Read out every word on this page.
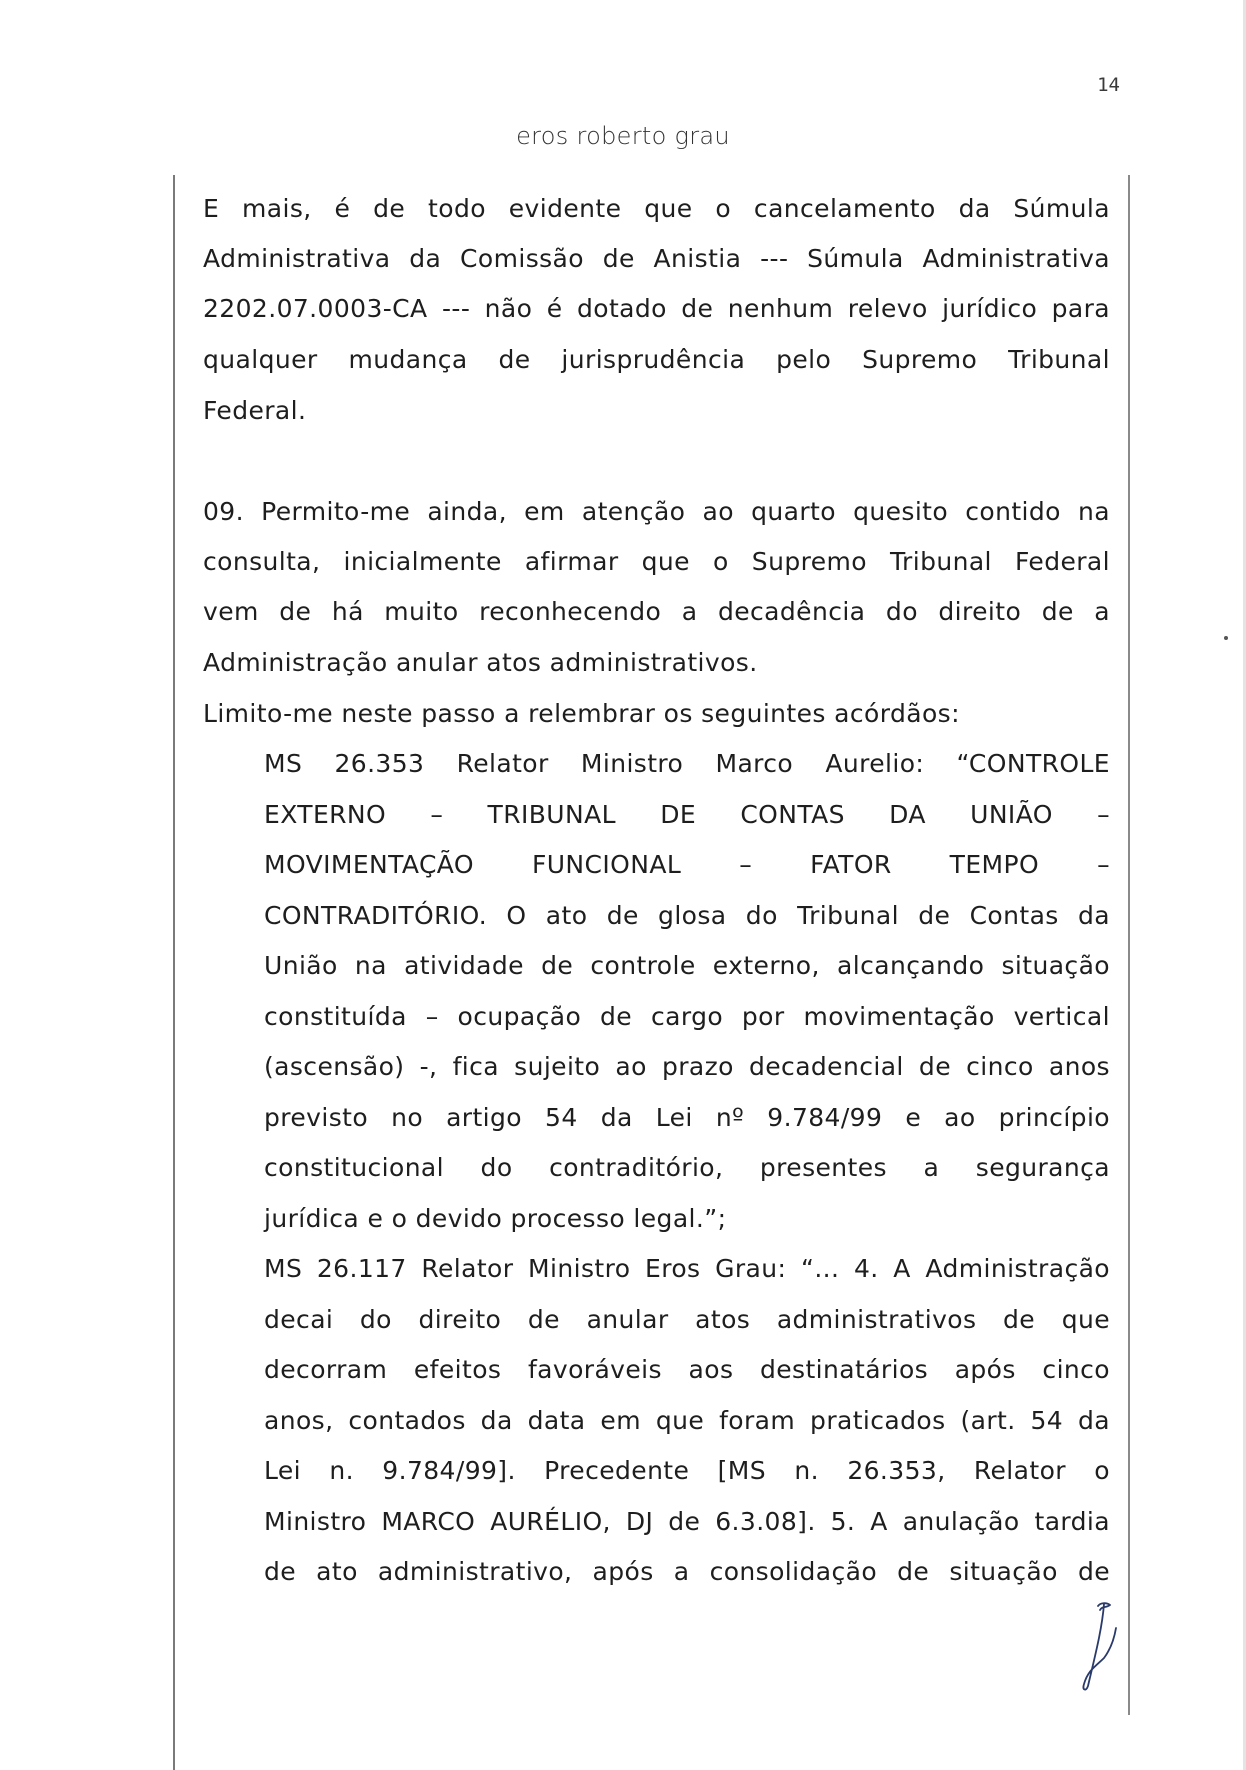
14
eros roberto grau
E mais, é de todo evidente que o cancelamento da Súmula
Administrativa da Comissão de Anistia --- Súmula Administrativa
2202.07.0003-CA --- não é dotado de nenhum relevo jurídico para
qualquer mudança de jurisprudência pelo Supremo Tribunal
Federal.
09. Permito-me ainda, em atenção ao quarto quesito contido na
consulta, inicialmente afirmar que o Supremo Tribunal Federal
vem de há muito reconhecendo a decadência do direito de a
Administração anular atos administrativos.
Limito-me neste passo a relembrar os seguintes acórdãos:
MS 26.353 Relator Ministro Marco Aurelio: “CONTROLE
EXTERNO – TRIBUNAL DE CONTAS DA UNIÃO –
MOVIMENTAÇÃO FUNCIONAL – FATOR TEMPO –
CONTRADITÓRIO. O ato de glosa do Tribunal de Contas da
União na atividade de controle externo, alcançando situação
constituída – ocupação de cargo por movimentação vertical
(ascensão) -, fica sujeito ao prazo decadencial de cinco anos
previsto no artigo 54 da Lei nº 9.784/99 e ao princípio
constitucional do contraditório, presentes a segurança
jurídica e o devido processo legal.”;
MS 26.117 Relator Ministro Eros Grau: “... 4. A Administração
decai do direito de anular atos administrativos de que
decorram efeitos favoráveis aos destinatários após cinco
anos, contados da data em que foram praticados (art. 54 da
Lei n. 9.784/99]. Precedente [MS n. 26.353, Relator o
Ministro MARCO AURÉLIO, DJ de 6.3.08]. 5. A anulação tardia
de ato administrativo, após a consolidação de situação de
